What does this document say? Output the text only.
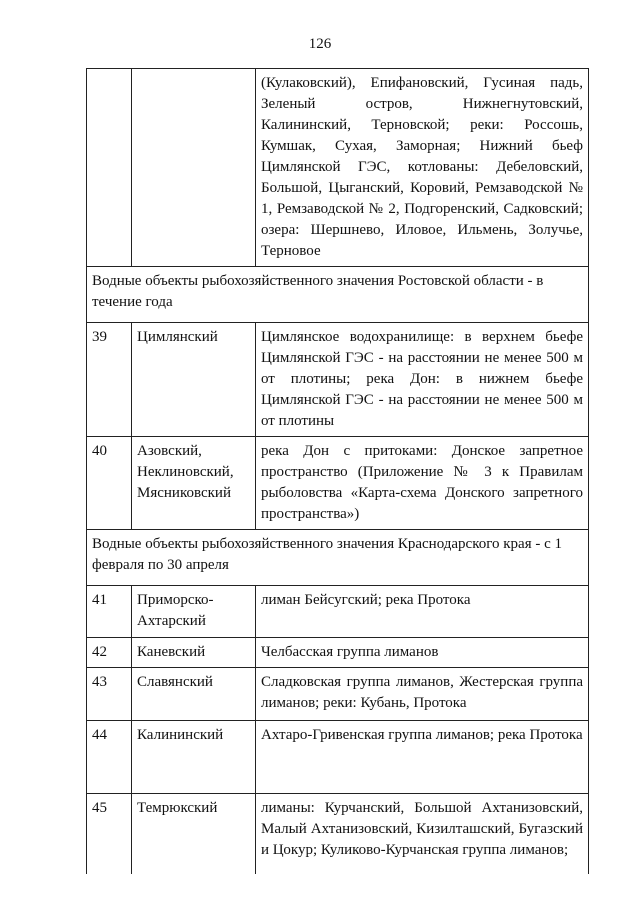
126
		(Кулаковский), Епифановский, Гусиная падь, Зеленый остров, Нижнегнутовский, Калининский, Терновской; реки: Россошь, Кумшак, Сухая, Заморная; Нижний бьеф Цимлянской ГЭС, котлованы: Дебеловский, Большой, Цыганский, Коровий, Ремзаводской № 1, Ремзаводской № 2, Подгоренский, Садковский; озера: Шершнево, Иловое, Ильмень, Золучье, Терновое
Водные объекты рыбохозяйственного значения Ростовской области - в течение года		
39	Цимлянский	Цимлянское водохранилище: в верхнем бьефе Цимлянской ГЭС - на расстоянии не менее 500 м от плотины; река Дон: в нижнем бьефе Цимлянской ГЭС - на расстоянии не менее 500 м от плотины
40	Азовский, Неклиновский, Мясниковский	река Дон с притоками: Донское запретное пространство (Приложение № 3 к Правилам рыболовства «Карта-схема Донского запретного пространства»)
Водные объекты рыбохозяйственного значения Краснодарского края - с 1 февраля по 30 апреля		
41	Приморско-Ахтарский	лиман Бейсугский; река Протока
42	Каневский	Челбасская группа лиманов
43	Славянский	Сладковская группа лиманов, Жестерская группа лиманов; реки: Кубань, Протока
44	Калининский	Ахтаро-Гривенская группа лиманов; река Протока
45	Темрюкский	лиманы: Курчанский, Большой Ахтанизовский, Малый Ахтанизовский, Кизилташский, Бугазский и Цокур; Куликово-Курчанская группа лиманов;
